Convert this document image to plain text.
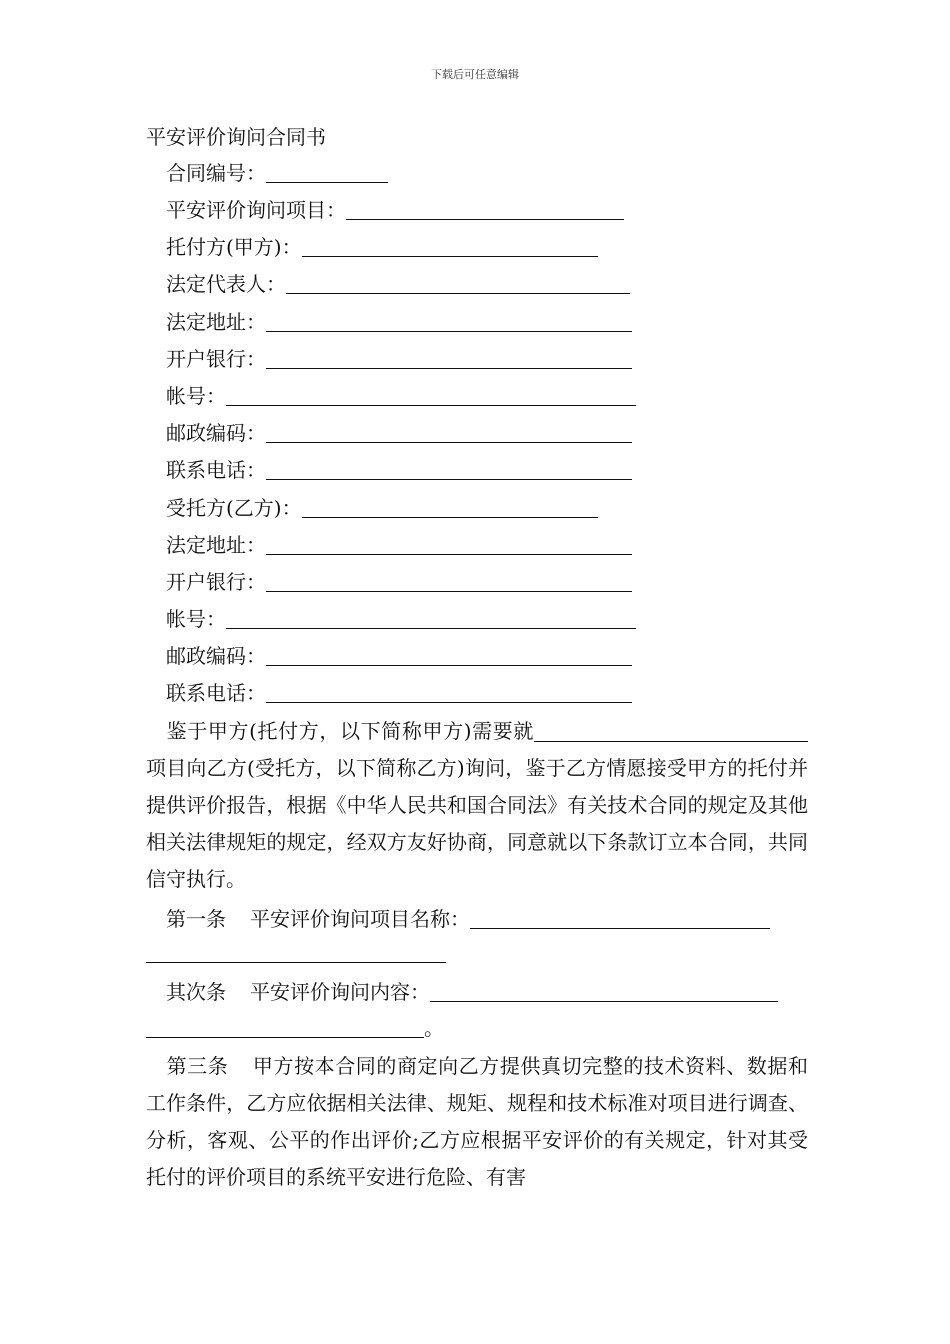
下载后可任意编辑
平安评价询问合同书
合同编号：
平安评价询问项目：
托付方(甲方)：
法定代表人：
法定地址：
开户银行：
帐号：
邮政编码：
联系电话：
受托方(乙方)：
法定地址：
开户银行：
帐号：
邮政编码：
联系电话：
鉴于甲方(托付方，以下简称甲方)需要就项目向乙方(受托方，以下简称乙方)询问，鉴于乙方情愿接受甲方的托付并提供评价报告，根据《中华人民共和国合同法》有关技术合同的规定及其他相关法律规矩的规定，经双方友好协商，同意就以下条款订立本合同，共同信守执行。
第一条 平安评价询问项目名称：
其次条 平安评价询问内容：
。
第三条 甲方按本合同的商定向乙方提供真切完整的技术资料、数据和工作条件，乙方应依据相关法律、规矩、规程和技术标准对项目进行调查、分析，客观、公平的作出评价;乙方应根据平安评价的有关规定，针对其受托付的评价项目的系统平安进行危险、有害
